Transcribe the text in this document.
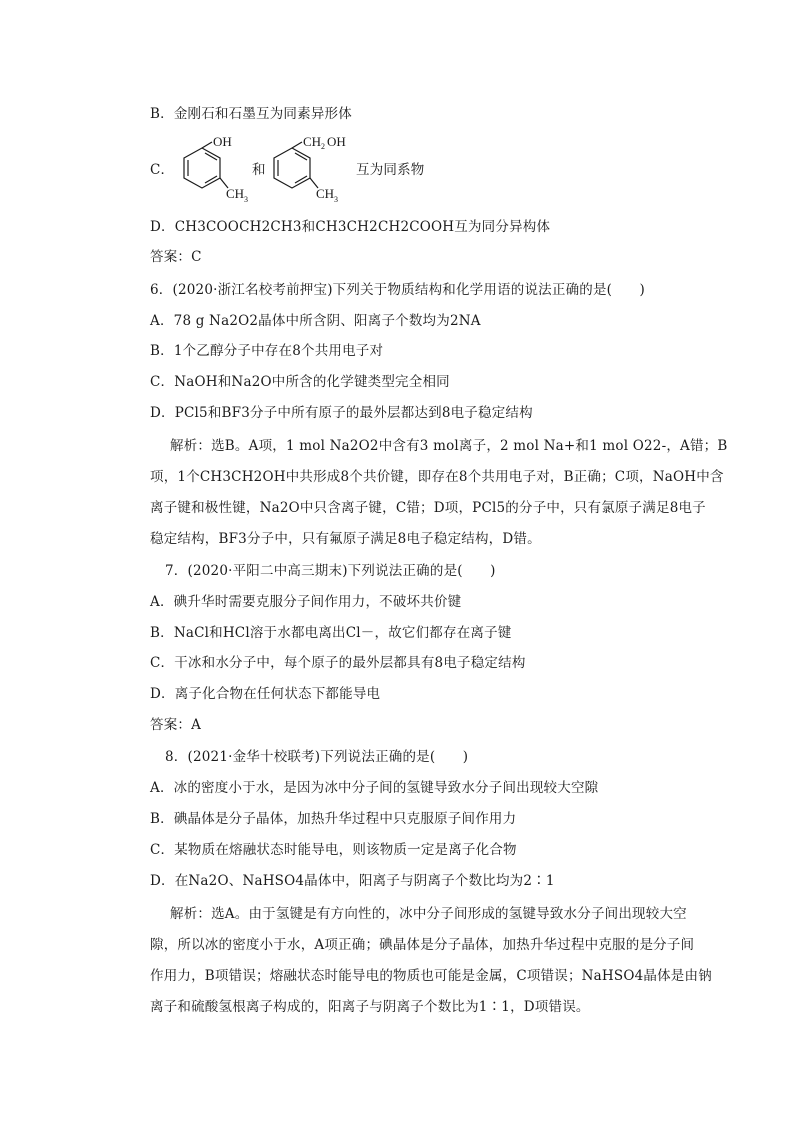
B．金刚石和石墨互为同素异形体
C．
OH
CH 3
和
CH 2 OH
CH 3
互为同系物
D．CH3COOCH2CH3和CH3CH2CH2COOH互为同分异构体
答案：C
6．(2020·浙江名校考前押宝)下列关于物质结构和化学用语的说法正确的是(　　)
A．78 g Na2O2晶体中所含阴、阳离子个数均为2NA
B．1个乙醇分子中存在8个共用电子对
C．NaOH和Na2O中所含的化学键类型完全相同
D．PCl5和BF3分子中所有原子的最外层都达到8电子稳定结构
解析：选B。A项，1 mol Na2O2中含有3 mol离子，2 mol Na+和1 mol O22-，A错；B
项，1个CH3CH2OH中共形成8个共价键，即存在8个共用电子对，B正确；C项，NaOH中含
离子键和极性键，Na2O中只含离子键，C错；D项，PCl5的分子中，只有氯原子满足8电子
稳定结构，BF3分子中，只有氟原子满足8电子稳定结构，D错。
7．(2020·平阳二中高三期末)下列说法正确的是(　　)
A．碘升华时需要克服分子间作用力，不破坏共价键
B．NaCl和HCl溶于水都电离出Cl－，故它们都存在离子键
C．干冰和水分子中，每个原子的最外层都具有8电子稳定结构
D．离子化合物在任何状态下都能导电
答案：A
8．(2021·金华十校联考)下列说法正确的是(　　)
A．冰的密度小于水，是因为冰中分子间的氢键导致水分子间出现较大空隙
B．碘晶体是分子晶体，加热升华过程中只克服原子间作用力
C．某物质在熔融状态时能导电，则该物质一定是离子化合物
D．在Na2O、NaHSO4晶体中，阳离子与阴离子个数比均为2∶1
解析：选A。由于氢键是有方向性的，冰中分子间形成的氢键导致水分子间出现较大空
隙，所以冰的密度小于水，A项正确；碘晶体是分子晶体，加热升华过程中克服的是分子间
作用力，B项错误；熔融状态时能导电的物质也可能是金属，C项错误；NaHSO4晶体是由钠
离子和硫酸氢根离子构成的，阳离子与阴离子个数比为1∶1，D项错误。
